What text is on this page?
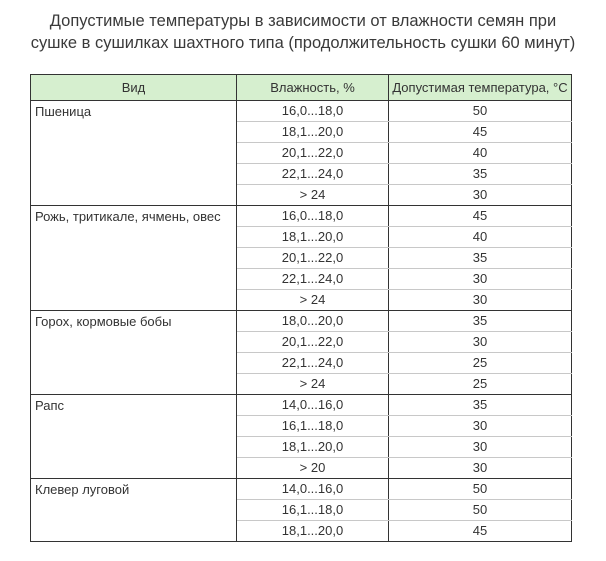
Допустимые температуры в зависимости от влажности семян при
сушке в сушилках шахтного типа (продолжительность сушки 60 минут)
Вид	Влажность, %	Допустимая температура, °С
Пшеница	16,0...18,0	50
	18,1...20,0	45
	20,1...22,0	40
	22,1...24,0	35
	> 24	30
Рожь, тритикале, ячмень, овес	16,0...18,0	45
	18,1...20,0	40
	20,1...22,0	35
	22,1...24,0	30
	> 24	30
Горох, кормовые бобы	18,0...20,0	35
	20,1...22,0	30
	22,1...24,0	25
	> 24	25
Рапс	14,0...16,0	35
	16,1...18,0	30
	18,1...20,0	30
	> 20	30
Клевер луговой	14,0...16,0	50
	16,1...18,0	50
	18,1...20,0	45
